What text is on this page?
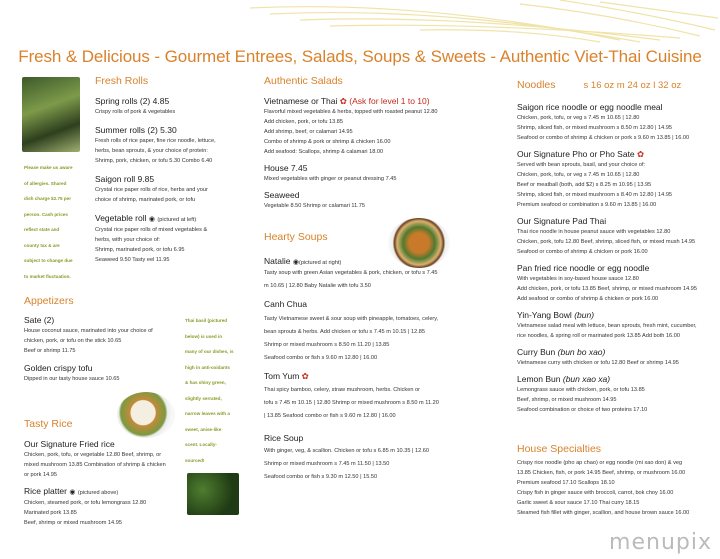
Fresh & Delicious - Gourmet Entrees, Salads, Soups & Sweets - Authentic Viet-Thai Cuisine
Please make us aware
of allergies. Shared
dish charge $2.75 per
person. Cash prices
reflect state and
county tax & are
subject to change due
to market fluctuation.
Fresh Rolls
Spring rolls (2) 4.85
Crispy rolls of pork & vegetables
Summer rolls (2) 5.30
Fresh rolls of rice paper, fine rice noodle, lettuce,
herbs, bean sprouts, & your choice of protein:
Shrimp, pork, chicken, or tofu 5.30 Combo 6.40
Saigon roll 9.85
Crystal rice paper rolls of rice, herbs and your
choice of shrimp, marinated pork, or tofu
Vegetable roll ◉ (pictured at left)
Crystal rice paper rolls of mixed vegetables &
herbs, with your choice of:
Shrimp, marinated pork, or tofu 6.95
Seaweed 9.50 Tasty eel 11.95
Appetizers
Sate (2)
House coconut sauce, marinated into your choice of
chicken, pork, or tofu on the stick 10.65
Beef or shrimp 11.75
Golden crispy tofu
Dipped in our tasty house sauce 10.65
Thai basil (pictured
below) is used in
many of our dishes, is
high in anti-oxidants
& has shiny green,
slightly serrated,
narrow leaves with a
sweet, anise-like
scent. Locally-
sourced!
Tasty Rice
Our Signature Fried rice
Chicken, pork, tofu, or vegetable 12.80 Beef, shrimp, or
mixed mushroom 13.85 Combination of shrimp & chicken
or pork 14.95
Rice platter ◉ (pictured above)
Chicken, steamed pork, or tofu lemongrass 12.80
Marinated pork 13.85
Beef, shrimp or mixed mushroom 14.95
Authentic Salads
Vietnamese or Thai ✿ (Ask for level 1 to 10)
Flavorful mixed vegetables & herbs, topped with roasted peanut 12.80
Add chicken, pork, or tofu 13.85
Add shrimp, beef, or calamari 14.95
Combo of shrimp & pork or shrimp & chicken 16.00
Add seafood: Scallops, shrimp & calamari 18.00
House 7.45
Mixed vegetables with ginger or peanut dressing 7.45
Seaweed
Vegetable 8.50 Shrimp or calamari 11.75
Hearty Soups
Natalie ◉(pictured at right)
Tasty soup with green Asian vegetables & pork, chicken, or tofu s 7.45
m 10.65 | 12.80 Baby Natalie with tofu 3.50
Canh Chua
Tasty Vietnamese sweet & sour soup with pineapple, tomatoes, celery,
bean sprouts & herbs. Add chicken or tofu s 7.45 m 10.15 | 12.85
Shrimp or mixed mushroom s 8.50 m 11.20 | 13.85
Seafood combo or fish s 9.60 m 12.80 | 16.00
Tom Yum ✿
Thai spicy bamboo, celery, straw mushroom, herbs. Chicken or
tofu s 7.45 m 10.15 | 12.80 Shrimp or mixed mushroom s 8.50 m 11.20
| 13.85 Seafood combo or fish s 9.60 m 12.80 | 16.00
Rice Soup
With ginger, veg, & scallion. Chicken or tofu s 6.85 m 10.35 | 12.60
Shrimp or mixed mushroom s 7.45 m 11.50 | 13.50
Seafood combo or fish s 9.30 m 12.50 | 15.50
Noodles	s 16 oz m 24 oz l 32 oz
Saigon rice noodle or egg noodle meal
Chicken, pork, tofu, or veg s 7.45 m 10.65 | 12.80
Shrimp, sliced fish, or mixed mushroom s 8.50 m 12.80 | 14.95
Seafood or combo of shrimp & chicken or pork s 9.60 m 13.85 | 16.00
Our Signature Pho or Pho Sate ✿
Served with bean sprouts, basil, and your choice of:
Chicken, pork, tofu, or veg s 7.45 m 10.65 | 12.80
Beef or meatball (both, add $2) s 8.25 m 10.95 | 13.95
Shrimp, sliced fish, or mixed mushroom s 8.40 m 12.80 | 14.95
Premium seafood or combination s 9.60 m 13.85 | 16.00
Our Signature Pad Thai
Thai rice noodle in house peanut sauce with vegetables 12.80
Chicken, pork, tofu 12.80 Beef, shrimp, sliced fish, or mixed mush 14.95
Seafood or combo of shrimp & chicken or pork 16.00
Pan fried rice noodle or egg noodle
With vegetables in soy-based house sauce 12.80
Add chicken, pork, or tofu 13.85 Beef, shrimp, or mixed mushroom 14.95
Add seafood or combo of shrimp & chicken or pork 16.00
Yin-Yang Bowl (bun)
Vietnamese salad meal with lettuce, bean sprouts, fresh mint, cucumber,
rice noodles, & spring roll or marinated pork 13.85 Add both 16.00
Curry Bun (bun bo xao)
Vietnamese curry with chicken or tofu 12.80 Beef or shrimp 14.95
Lemon Bun (bun xao xa)
Lemongrass sauce with chicken, pork, or tofu 13.85
Beef, shrimp, or mixed mushroom 14.95
Seafood combination or choice of two proteins 17.10
House Specialties
Crispy rice noodle (pho ap chao) or egg noodle (mi xao don) & veg
13.85 Chicken, fish, or pork 14.95 Beef, shrimp, or mushroom 16.00
Premium seafood 17.10 Scallops 18.10
Crispy fish in ginger sauce with broccoli, carrot, bok choy 16.00
Garlic sweet & sour sauce 17.10 Thai curry 18.15
Steamed fish fillet with ginger, scallion, and house brown sauce 16.00
menupix
